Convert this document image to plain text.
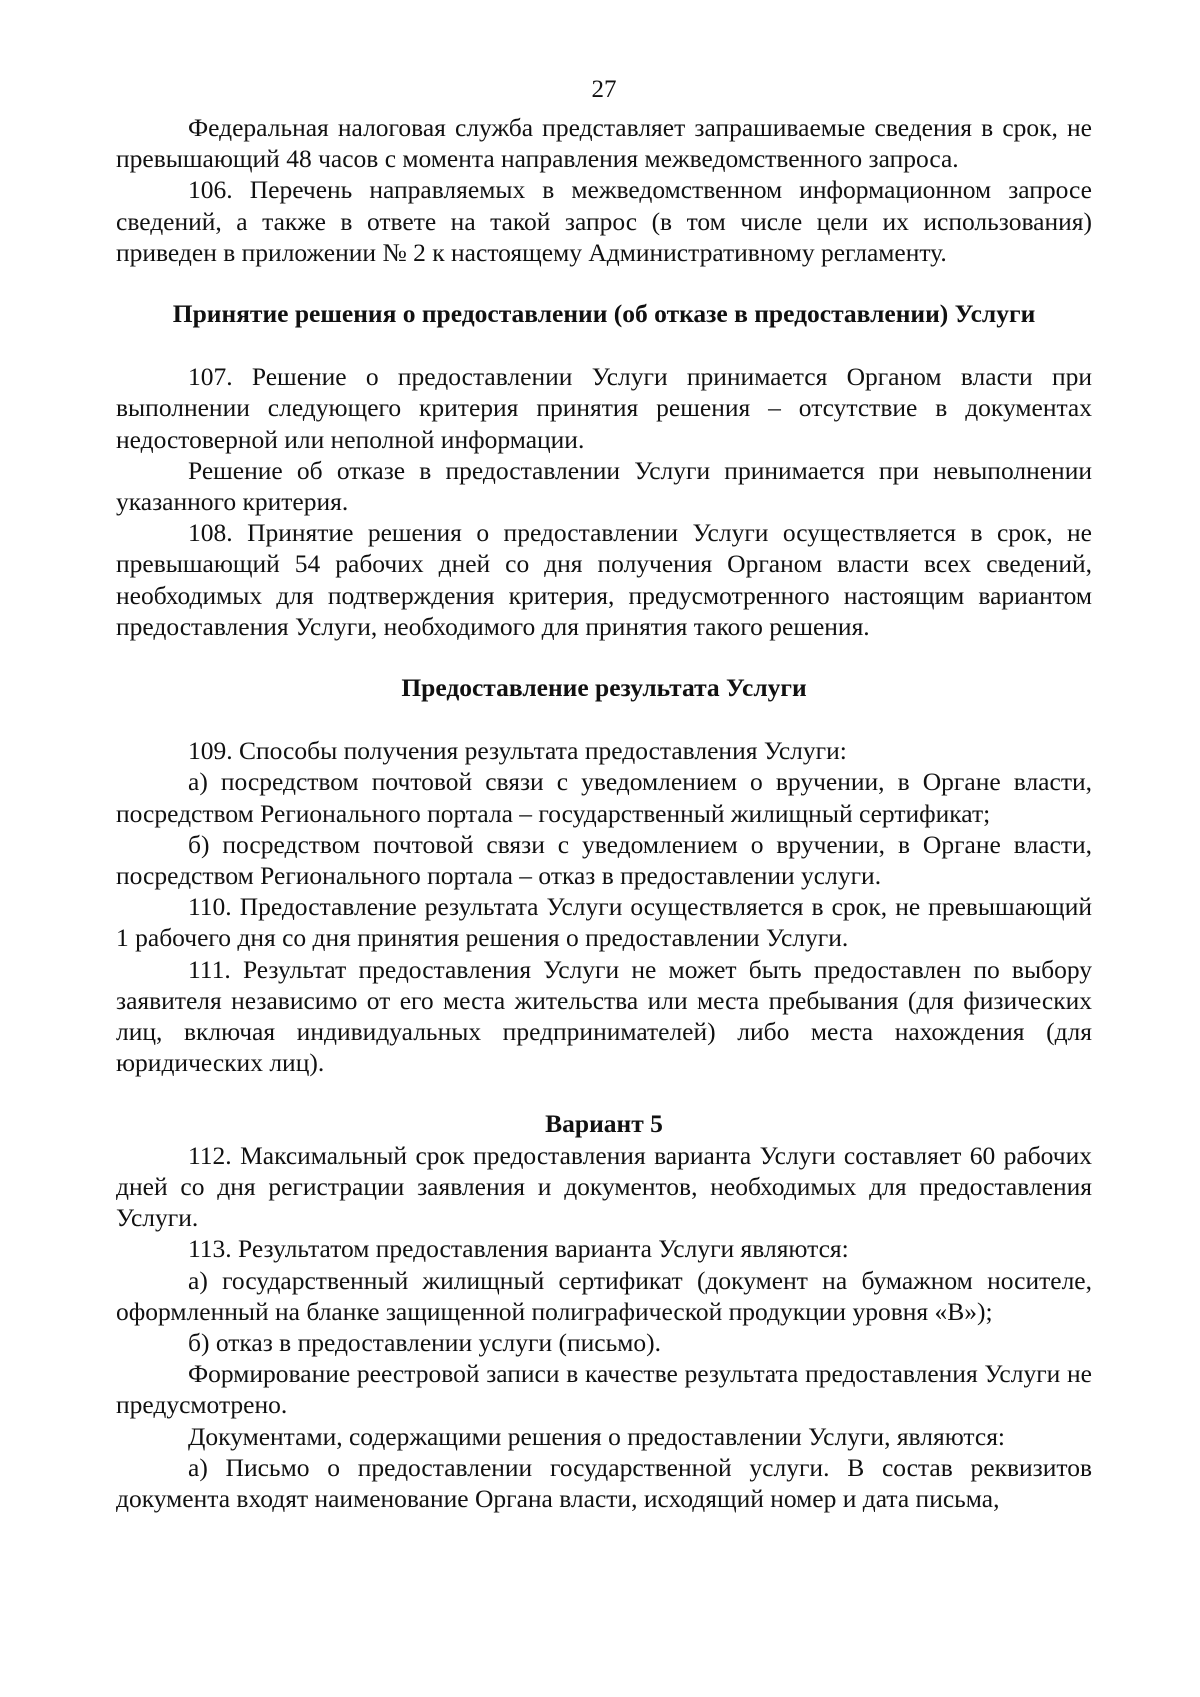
27

Федеральная налоговая служба представляет запрашиваемые сведения в срок, не превышающий 48 часов с момента направления межведомственного запроса.

106. Перечень направляемых в межведомственном информационном запросе сведений, а также в ответе на такой запрос (в том числе цели их использования) приведен в приложении № 2 к настоящему Административному регламенту.

Принятие решения о предоставлении (об отказе в предоставлении) Услуги

107. Решение о предоставлении Услуги принимается Органом власти при выполнении следующего критерия принятия решения – отсутствие в документах недостоверной или неполной информации.

Решение об отказе в предоставлении Услуги принимается при невыполнении указанного критерия.

108. Принятие решения о предоставлении Услуги осуществляется в срок, не превышающий 54 рабочих дней со дня получения Органом власти всех сведений, необходимых для подтверждения критерия, предусмотренного настоящим вариантом предоставления Услуги, необходимого для принятия такого решения.

Предоставление результата Услуги

109. Способы получения результата предоставления Услуги:

а) посредством почтовой связи с уведомлением о вручении, в Органе власти, посредством Регионального портала – государственный жилищный сертификат;

б) посредством почтовой связи с уведомлением о вручении, в Органе власти, посредством Регионального портала – отказ в предоставлении услуги.

110. Предоставление результата Услуги осуществляется в срок, не превышающий 1 рабочего дня со дня принятия решения о предоставлении Услуги.

111. Результат предоставления Услуги не может быть предоставлен по выбору заявителя независимо от его места жительства или места пребывания (для физических лиц, включая индивидуальных предпринимателей) либо места нахождения (для юридических лиц).

Вариант 5

112. Максимальный срок предоставления варианта Услуги составляет 60 рабочих дней со дня регистрации заявления и документов, необходимых для предоставления Услуги.

113. Результатом предоставления варианта Услуги являются:

а) государственный жилищный сертификат (документ на бумажном носителе, оформленный на бланке защищенной полиграфической продукции уровня «В»);

б) отказ в предоставлении услуги (письмо).

Формирование реестровой записи в качестве результата предоставления Услуги не предусмотрено.

Документами, содержащими решения о предоставлении Услуги, являются:

а) Письмо о предоставлении государственной услуги. В состав реквизитов документа входят наименование Органа власти, исходящий номер и дата письма,
